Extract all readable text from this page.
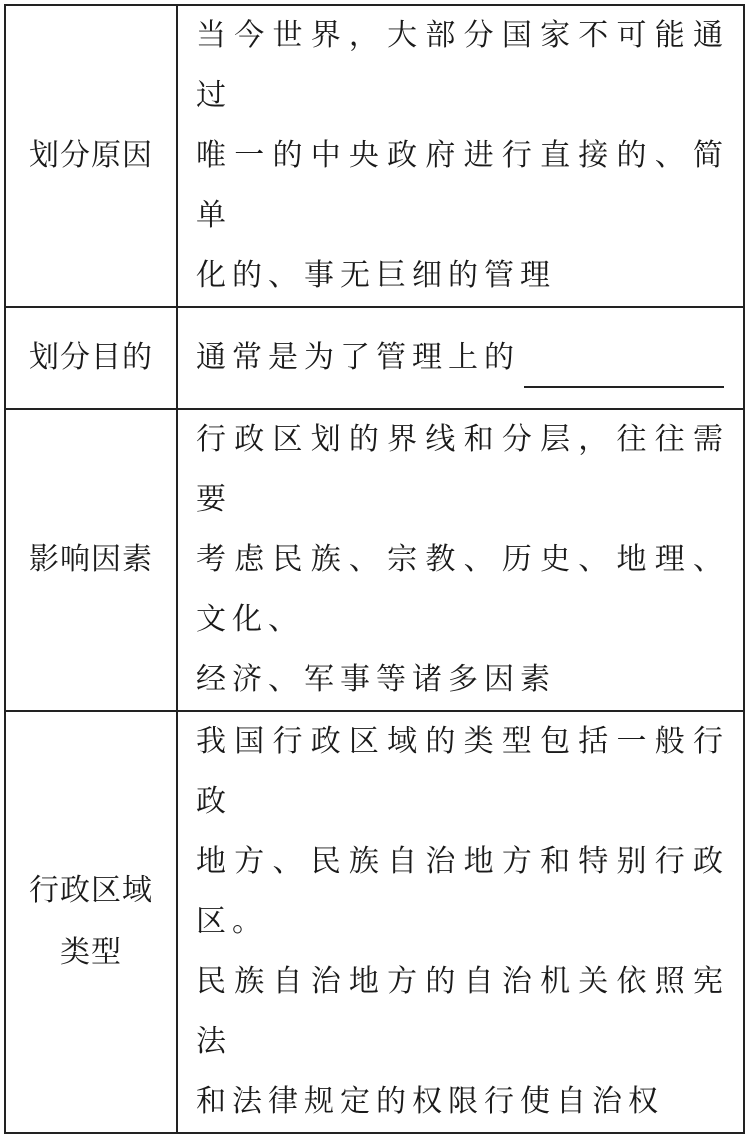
划分原因	当今世界，大部分国家不可能通过
唯一的中央政府进行直接的、简单
化的、事无巨细的管理

划分目的	通常是为了管理上的
影响因素	行政区划的界线和分层，往往需要
考虑民族、宗教、历史、地理、文化、
经济、军事等诸多因素

行政区域
类型	我国行政区域的类型包括一般行政
地方、民族自治地方和特别行政区。
民族自治地方的自治机关依照宪法
和法律规定的权限行使自治权
